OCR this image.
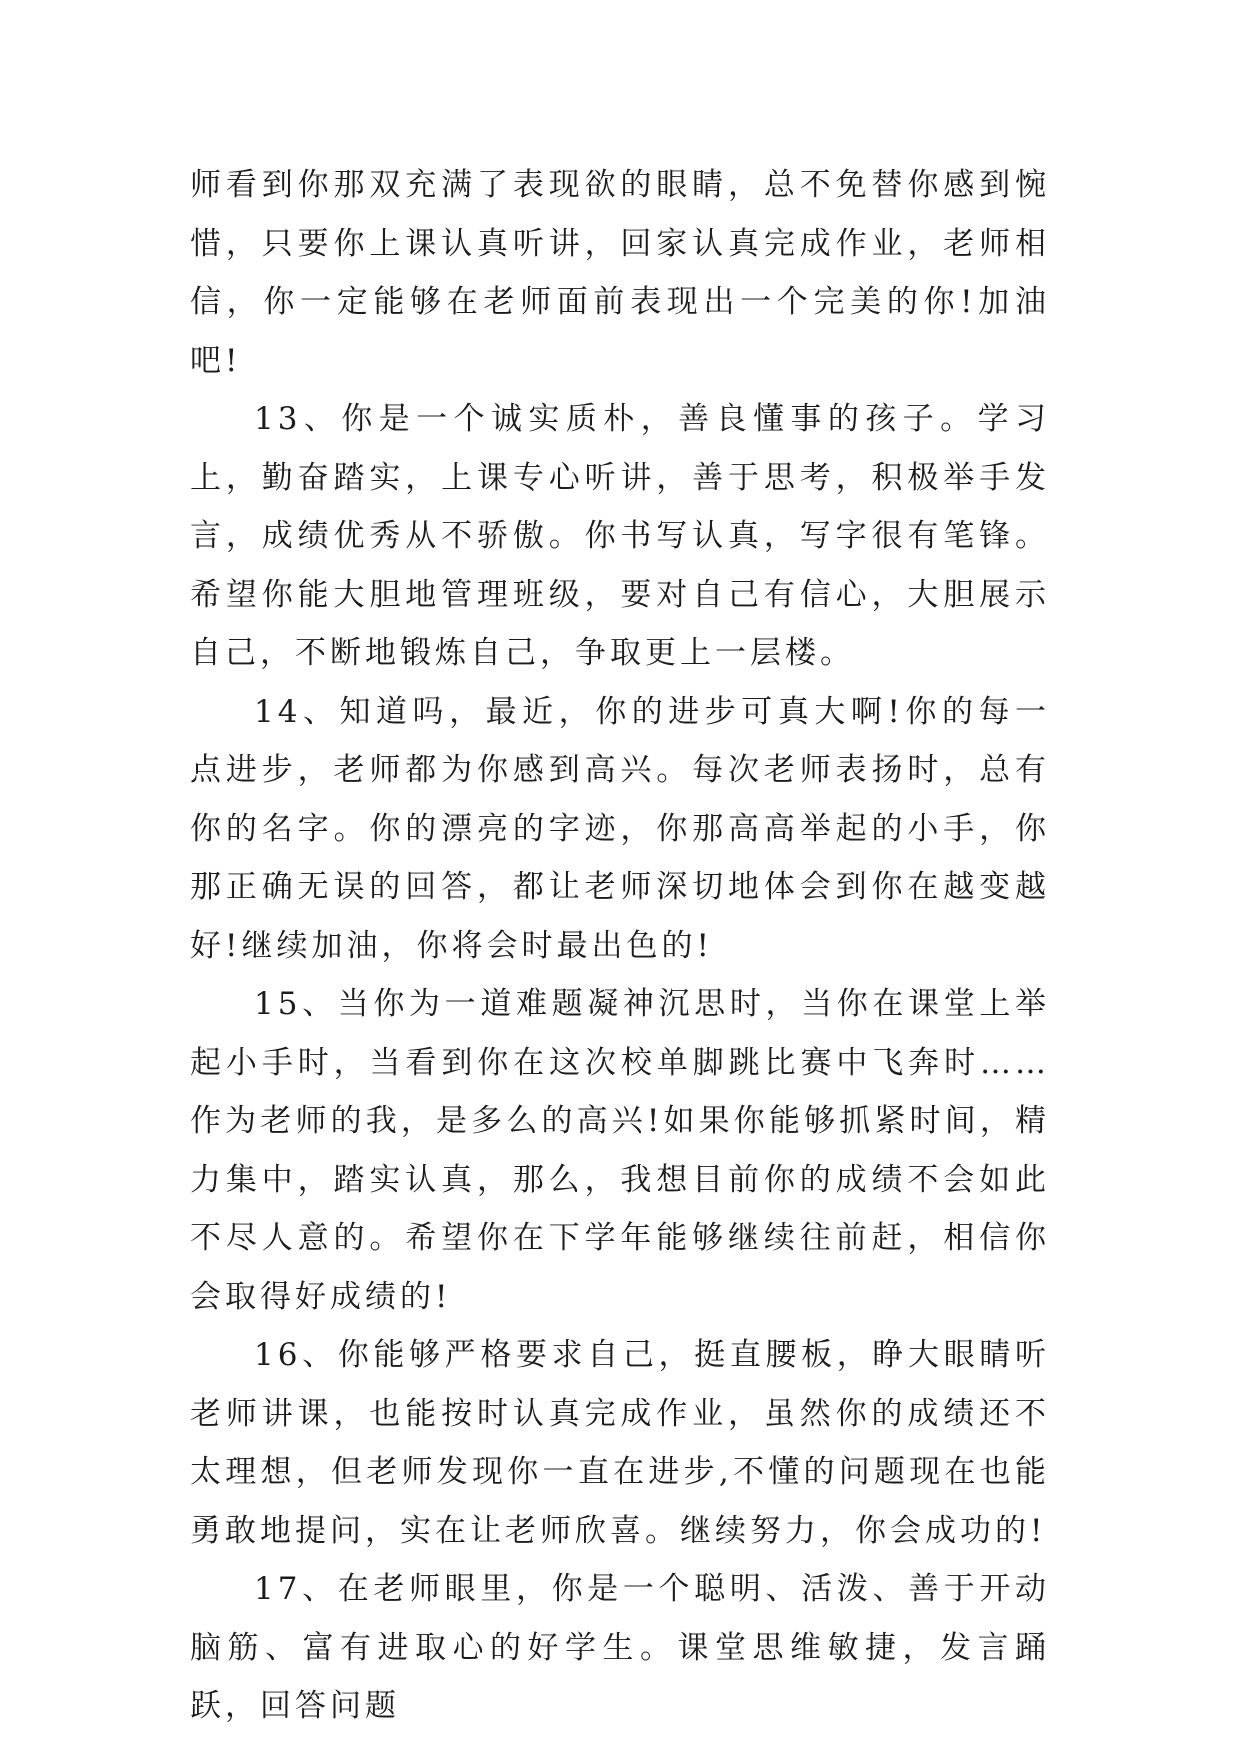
师看到你那双充满了表现欲的眼睛，总不免替你感到惋惜，只要你上课认真听讲，回家认真完成作业，老师相信，你一定能够在老师面前表现出一个完美的你!加油吧!

13、你是一个诚实质朴，善良懂事的孩子。学习上，勤奋踏实，上课专心听讲，善于思考，积极举手发言，成绩优秀从不骄傲。你书写认真，写字很有笔锋。希望你能大胆地管理班级，要对自己有信心，大胆展示自己，不断地锻炼自己，争取更上一层楼。

14、知道吗，最近，你的进步可真大啊!你的每一点进步，老师都为你感到高兴。每次老师表扬时，总有你的名字。你的漂亮的字迹，你那高高举起的小手，你那正确无误的回答，都让老师深切地体会到你在越变越好!继续加油，你将会时最出色的!

15、当你为一道难题凝神沉思时，当你在课堂上举起小手时，当看到你在这次校单脚跳比赛中飞奔时……作为老师的我，是多么的高兴!如果你能够抓紧时间，精力集中，踏实认真，那么，我想目前你的成绩不会如此不尽人意的。希望你在下学年能够继续往前赶，相信你会取得好成绩的!

16、你能够严格要求自己，挺直腰板，睁大眼睛听老师讲课，也能按时认真完成作业，虽然你的成绩还不太理想，但老师发现你一直在进步,不懂的问题现在也能勇敢地提问，实在让老师欣喜。继续努力，你会成功的!

17、在老师眼里，你是一个聪明、活泼、善于开动脑筋、富有进取心的好学生。课堂思维敏捷，发言踊跃，回答问题
